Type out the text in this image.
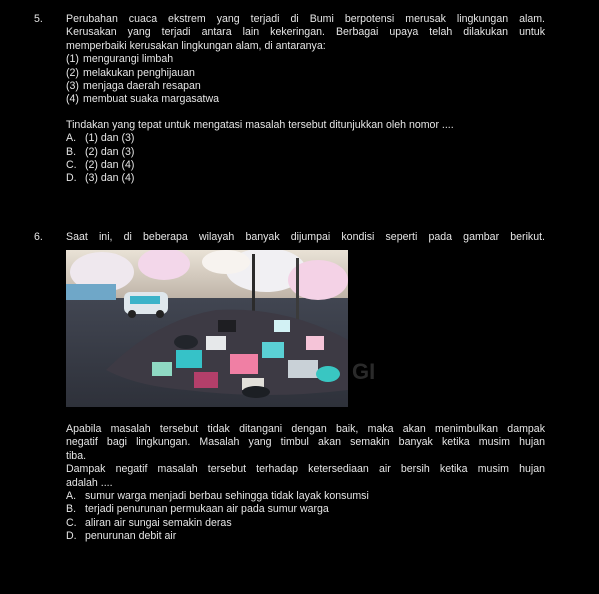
5. Perubahan cuaca ekstrem yang terjadi di Bumi berpotensi merusak lingkungan alam.
Kerusakan yang terjadi antara lain kekeringan. Berbagai upaya telah dilakukan untuk
memperbaiki kerusakan lingkungan alam, di antaranya:
(1) mengurangi limbah
(2) melakukan penghijauan
(3) menjaga daerah resapan
(4) membuat suaka margasatwa
Tindakan yang tepat untuk mengatasi masalah tersebut ditunjukkan oleh nomor ....
A. (1) dan (3)
B. (2) dan (3)
C. (2) dan (4)
D. (3) dan (4)
6. Saat ini, di beberapa wilayah banyak dijumpai kondisi seperti pada gambar berikut.
GI
Apabila masalah tersebut tidak ditangani dengan baik, maka akan menimbulkan dampak
negatif bagi lingkungan. Masalah yang timbul akan semakin banyak ketika musim hujan
tiba.
Dampak negatif masalah tersebut terhadap ketersediaan air bersih ketika musim hujan
adalah ....
A. sumur warga menjadi berbau sehingga tidak layak konsumsi
B. terjadi penurunan permukaan air pada sumur warga
C. aliran air sungai semakin deras
D. penurunan debit air
